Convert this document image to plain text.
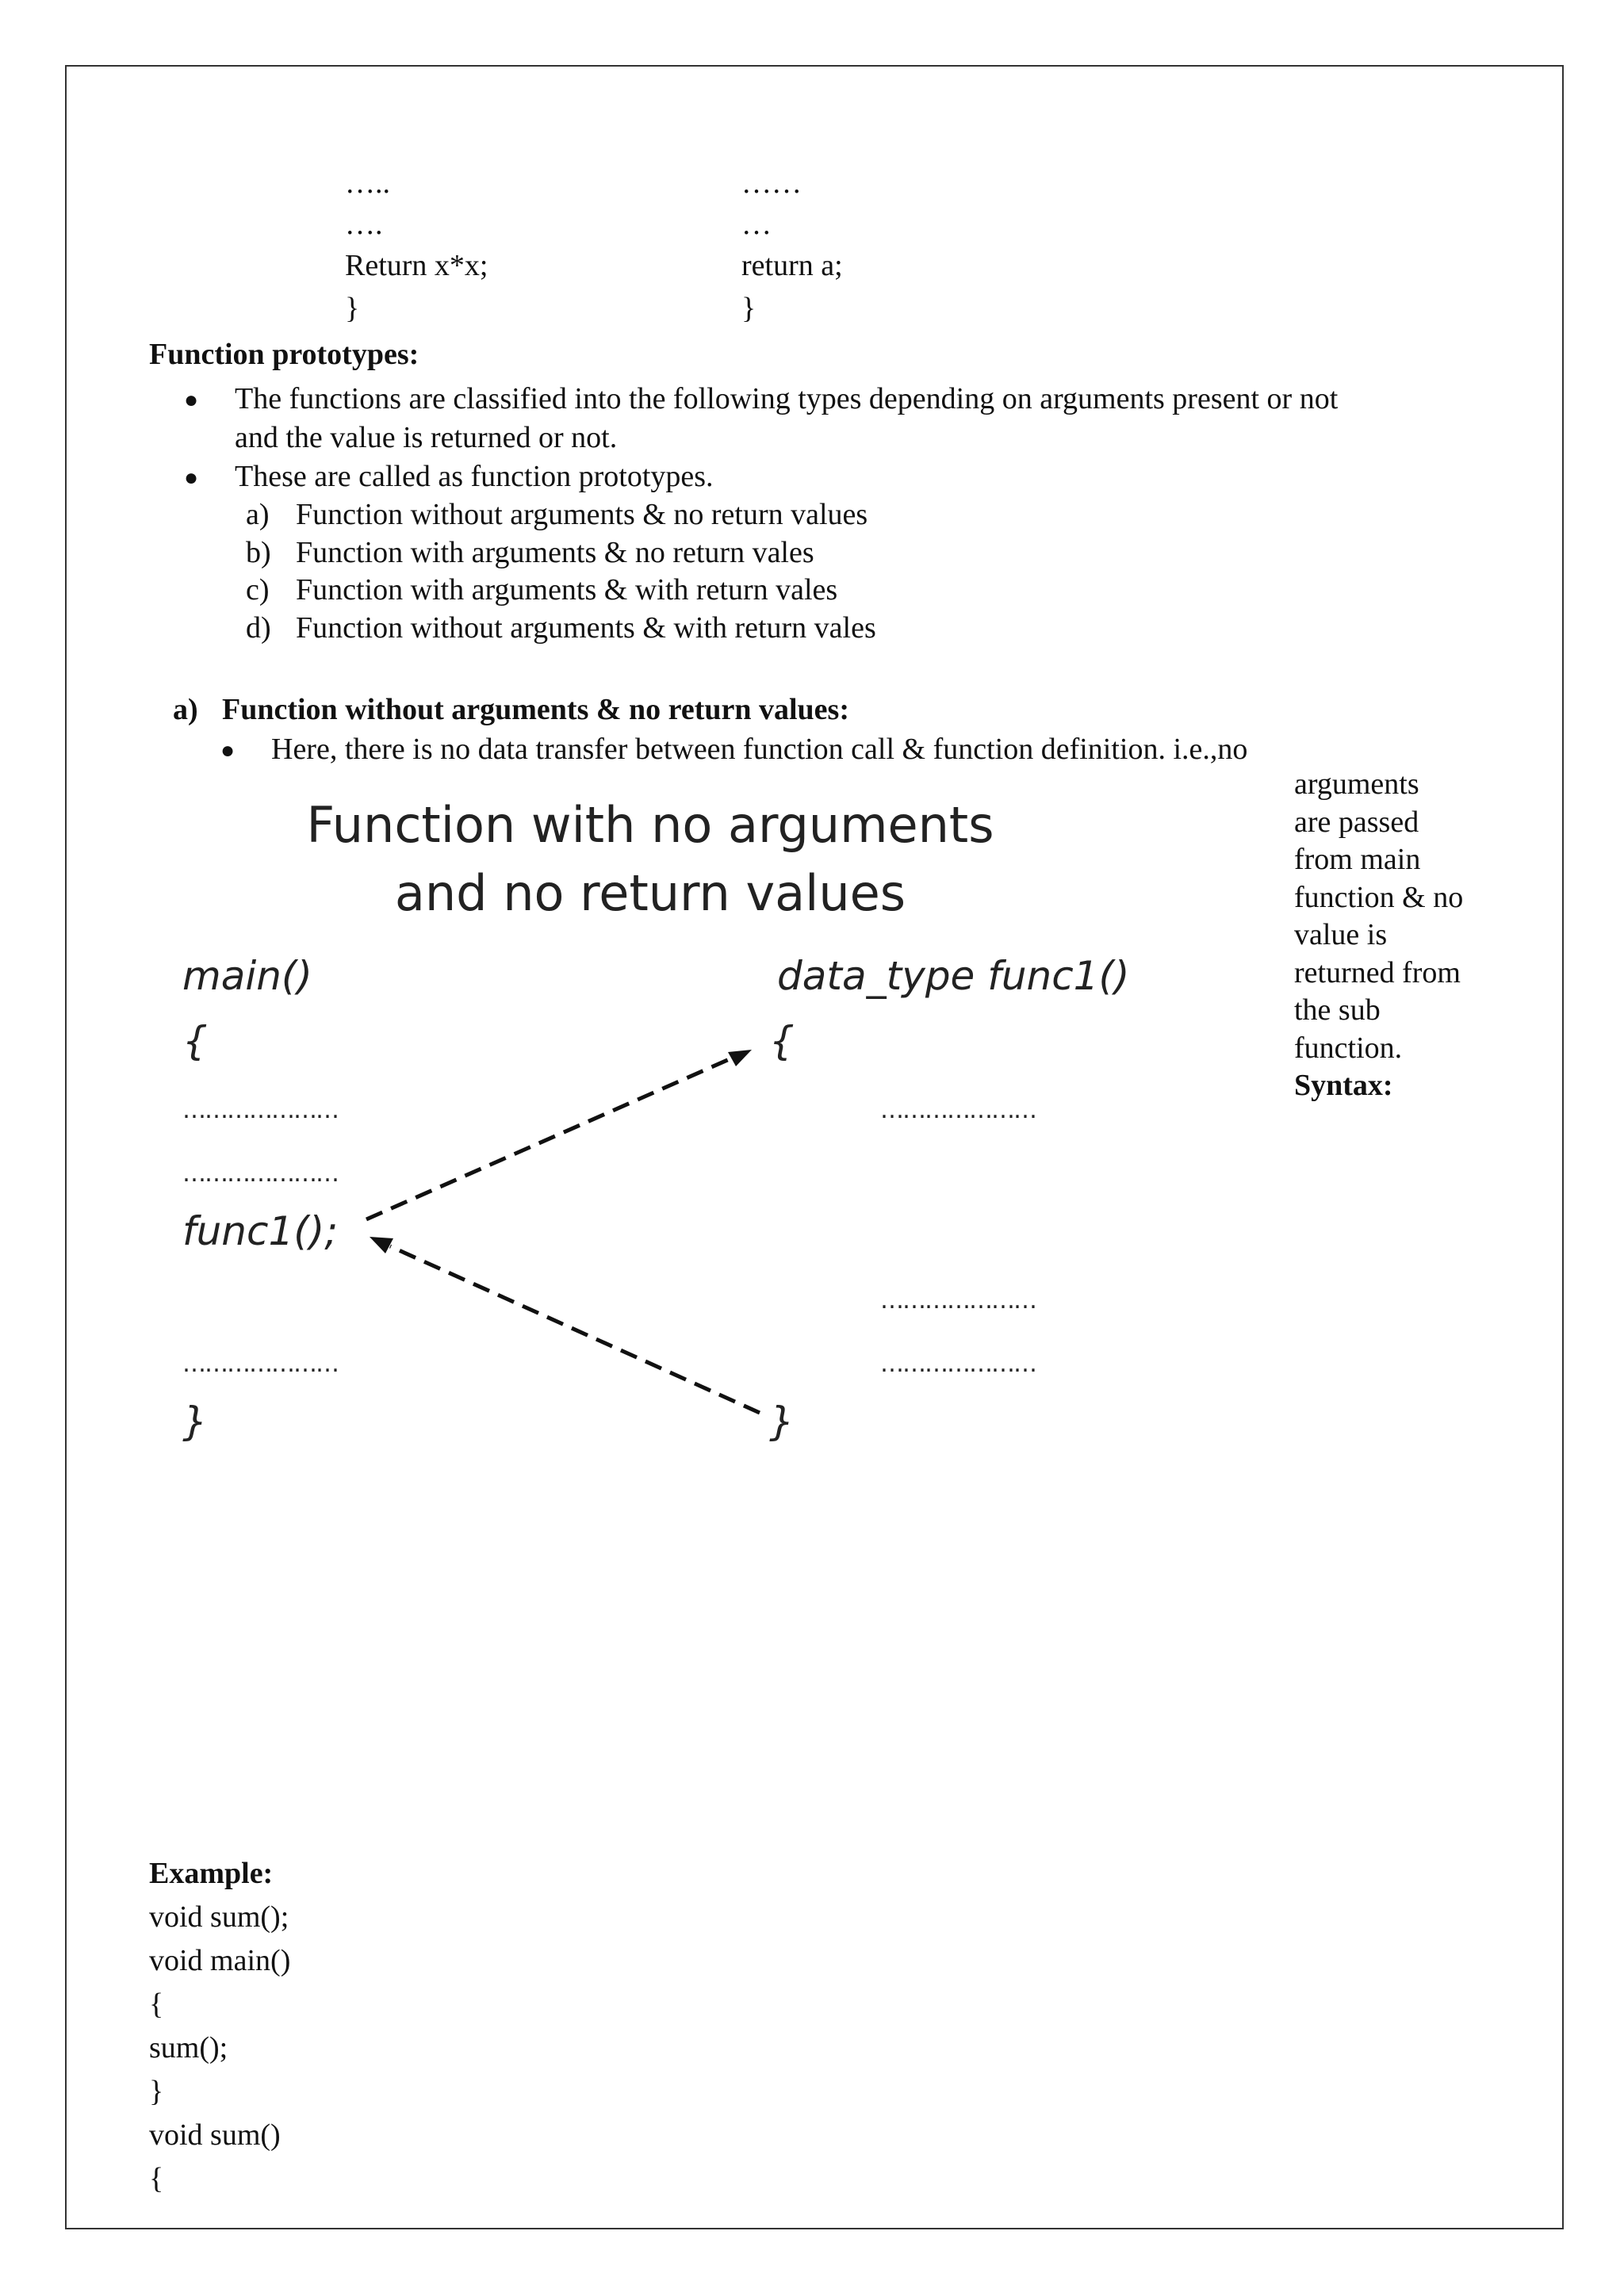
…..
….
Return x*x;
}
……
…
return a;
}
Function prototypes:
● The functions are classified into the following types depending on arguments present or not
and the value is returned or not.
● These are called as function prototypes.
a) Function without arguments & no return values
b) Function with arguments & no return vales
c) Function with arguments & with return vales
d) Function without arguments & with return vales
a) Function without arguments & no return values:
● Here, there is no data transfer between function call & function definition. i.e.,no
arguments
are passed
from main
function & no
value is
returned from
the sub
function.
Syntax:
Function with no arguments
and no return values
main()
{
…………………
…………………
func1();
…………………
}
data_type func1()
{
…………………
…………………
…………………
}
Example:
void sum();
void main()
{
sum();
}
void sum()
{
